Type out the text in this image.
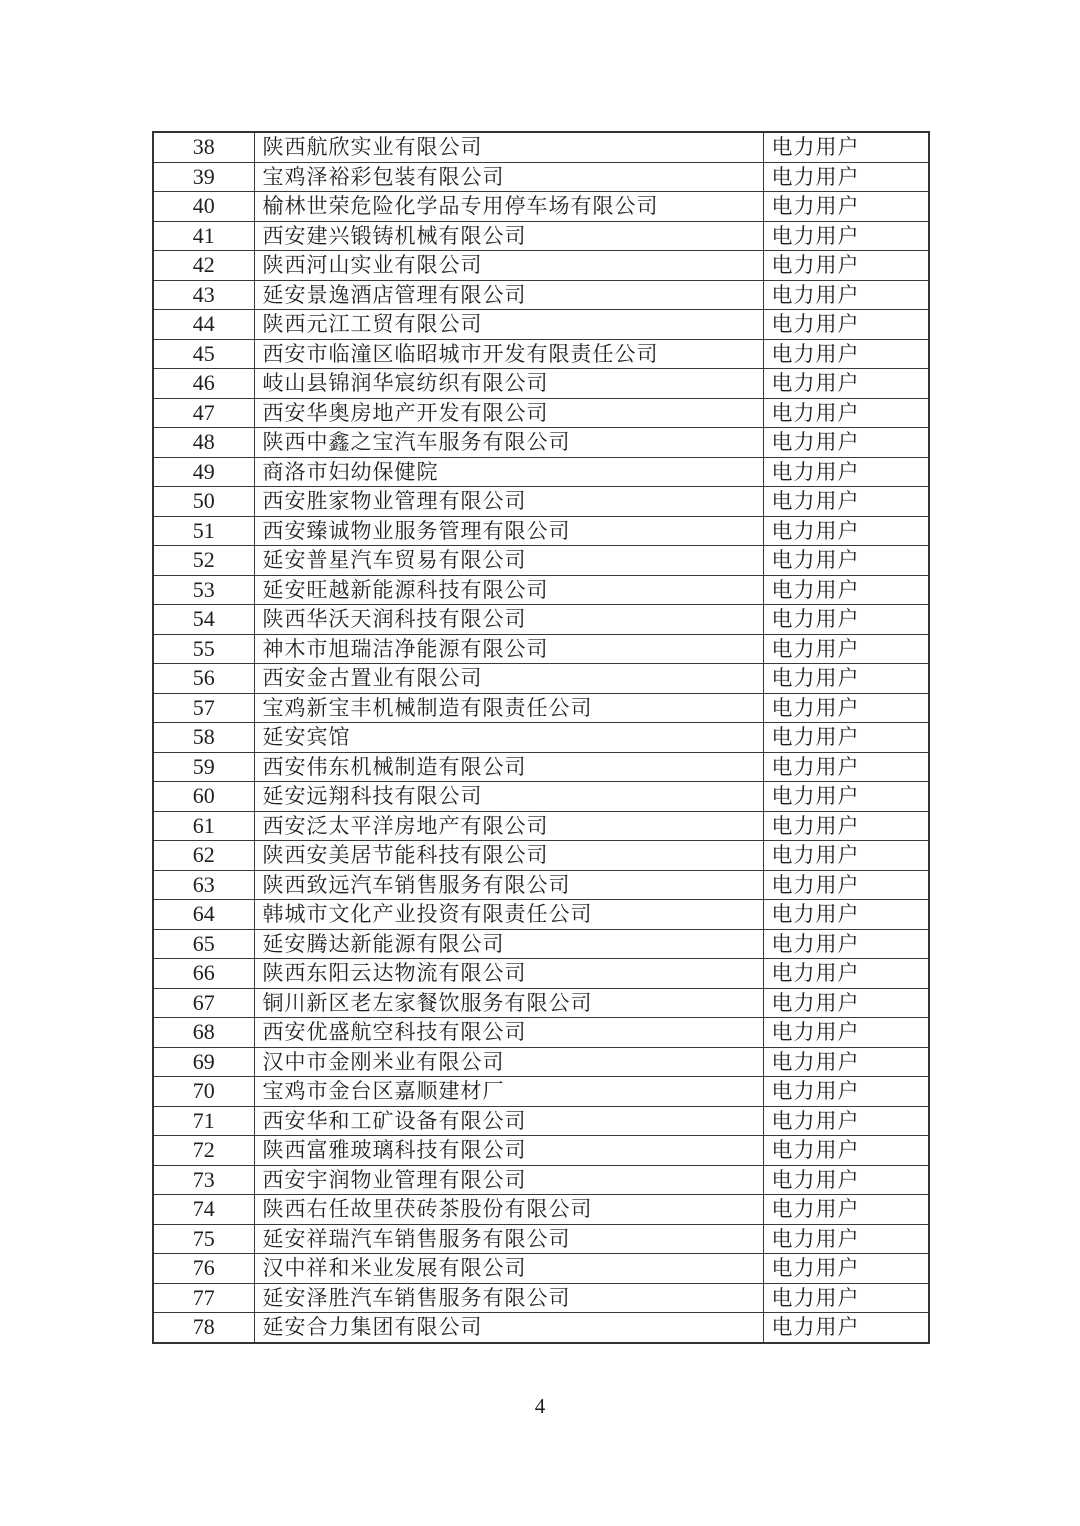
38	陕西航欣实业有限公司	电力用户
39	宝鸡泽裕彩包装有限公司	电力用户
40	榆林世荣危险化学品专用停车场有限公司	电力用户
41	西安建兴锻铸机械有限公司	电力用户
42	陕西河山实业有限公司	电力用户
43	延安景逸酒店管理有限公司	电力用户
44	陕西元江工贸有限公司	电力用户
45	西安市临潼区临昭城市开发有限责任公司	电力用户
46	岐山县锦润华宸纺织有限公司	电力用户
47	西安华奥房地产开发有限公司	电力用户
48	陕西中鑫之宝汽车服务有限公司	电力用户
49	商洛市妇幼保健院	电力用户
50	西安胜家物业管理有限公司	电力用户
51	西安臻诚物业服务管理有限公司	电力用户
52	延安普星汽车贸易有限公司	电力用户
53	延安旺越新能源科技有限公司	电力用户
54	陕西华沃天润科技有限公司	电力用户
55	神木市旭瑞洁净能源有限公司	电力用户
56	西安金古置业有限公司	电力用户
57	宝鸡新宝丰机械制造有限责任公司	电力用户
58	延安宾馆	电力用户
59	西安伟东机械制造有限公司	电力用户
60	延安远翔科技有限公司	电力用户
61	西安泛太平洋房地产有限公司	电力用户
62	陕西安美居节能科技有限公司	电力用户
63	陕西致远汽车销售服务有限公司	电力用户
64	韩城市文化产业投资有限责任公司	电力用户
65	延安腾达新能源有限公司	电力用户
66	陕西东阳云达物流有限公司	电力用户
67	铜川新区老左家餐饮服务有限公司	电力用户
68	西安优盛航空科技有限公司	电力用户
69	汉中市金刚米业有限公司	电力用户
70	宝鸡市金台区嘉顺建材厂	电力用户
71	西安华和工矿设备有限公司	电力用户
72	陕西富雅玻璃科技有限公司	电力用户
73	西安宇润物业管理有限公司	电力用户
74	陕西右任故里茯砖茶股份有限公司	电力用户
75	延安祥瑞汽车销售服务有限公司	电力用户
76	汉中祥和米业发展有限公司	电力用户
77	延安泽胜汽车销售服务有限公司	电力用户
78	延安合力集团有限公司	电力用户
4
